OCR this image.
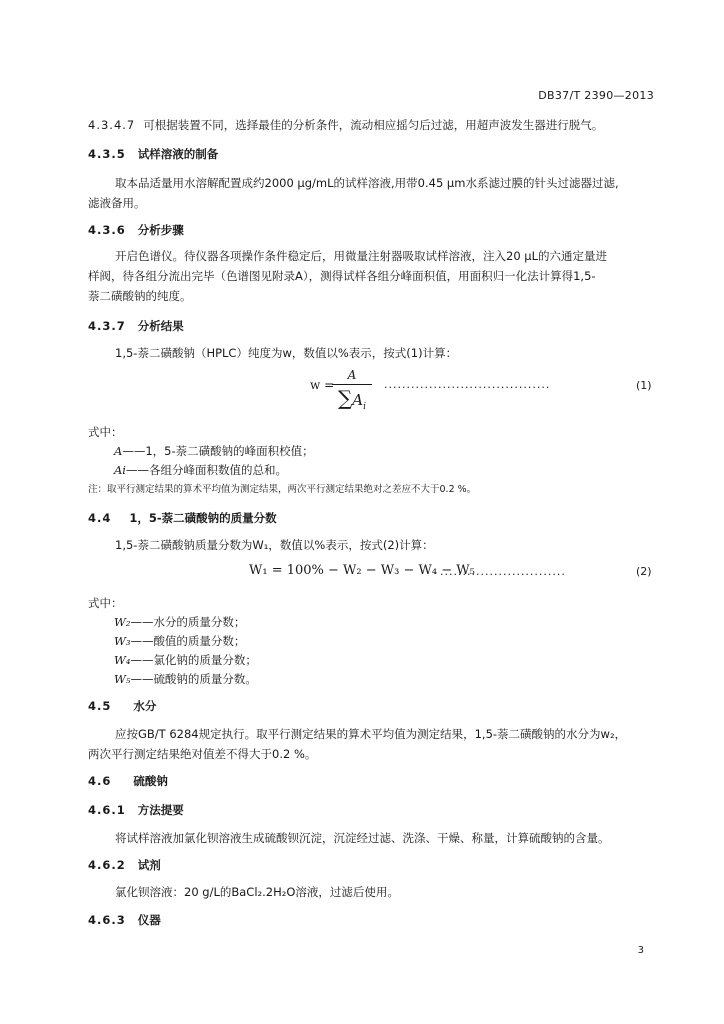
DB37/T 2390—2013
4.3.4.7 可根据装置不同，选择最佳的分析条件，流动相应摇匀后过滤，用超声波发生器进行脱气。
4.3.5 试样溶液的制备
取本品适量用水溶解配置成约2000 μg/mL的试样溶液,用带0.45 μm水系滤过膜的针头过滤器过滤,
滤液备用。
4.3.6 分析步骤
开启色谱仪。待仪器各项操作条件稳定后，用微量注射器吸取试样溶液，注入20 μL的六通定量进
样阀，待各组分流出完毕（色谱图见附录A），测得试样各组分峰面积值，用面积归一化法计算得1,5-
萘二磺酸钠的纯度。
4.3.7 分析结果
1,5-萘二磺酸钠（HPLC）纯度为w，数值以%表示，按式(1)计算：
w =
A
$\sum A_i$
.....................................	(1)
式中：
A——1，5-萘二磺酸钠的峰面积校值；
Ai——各组分峰面积数值的总和。
注：取平行测定结果的算术平均值为测定结果，两次平行测定结果绝对之差应不大于0.2 %。
4.4 1，5-萘二磺酸钠的质量分数
1,5-萘二磺酸钠质量分数为W₁，数值以%表示，按式(2)计算：
W₁ = 100% − W₂ − W₃ − W₄ − W₅
............................	(2)
式中：
W₂——水分的质量分数；
W₃——酸值的质量分数；
W₄——氯化钠的质量分数；
W₅——硫酸钠的质量分数。
4.5 水分
应按GB/T 6284规定执行。取平行测定结果的算术平均值为测定结果，1,5-萘二磺酸钠的水分为w₂，
两次平行测定结果绝对值差不得大于0.2 %。
4.6 硫酸钠
4.6.1 方法提要
将试样溶液加氯化钡溶液生成硫酸钡沉淀，沉淀经过滤、洗涤、干燥、称量，计算硫酸钠的含量。
4.6.2 试剂
氯化钡溶液：20 g/L的BaCl₂.2H₂O溶液，过滤后使用。
4.6.3 仪器
3
